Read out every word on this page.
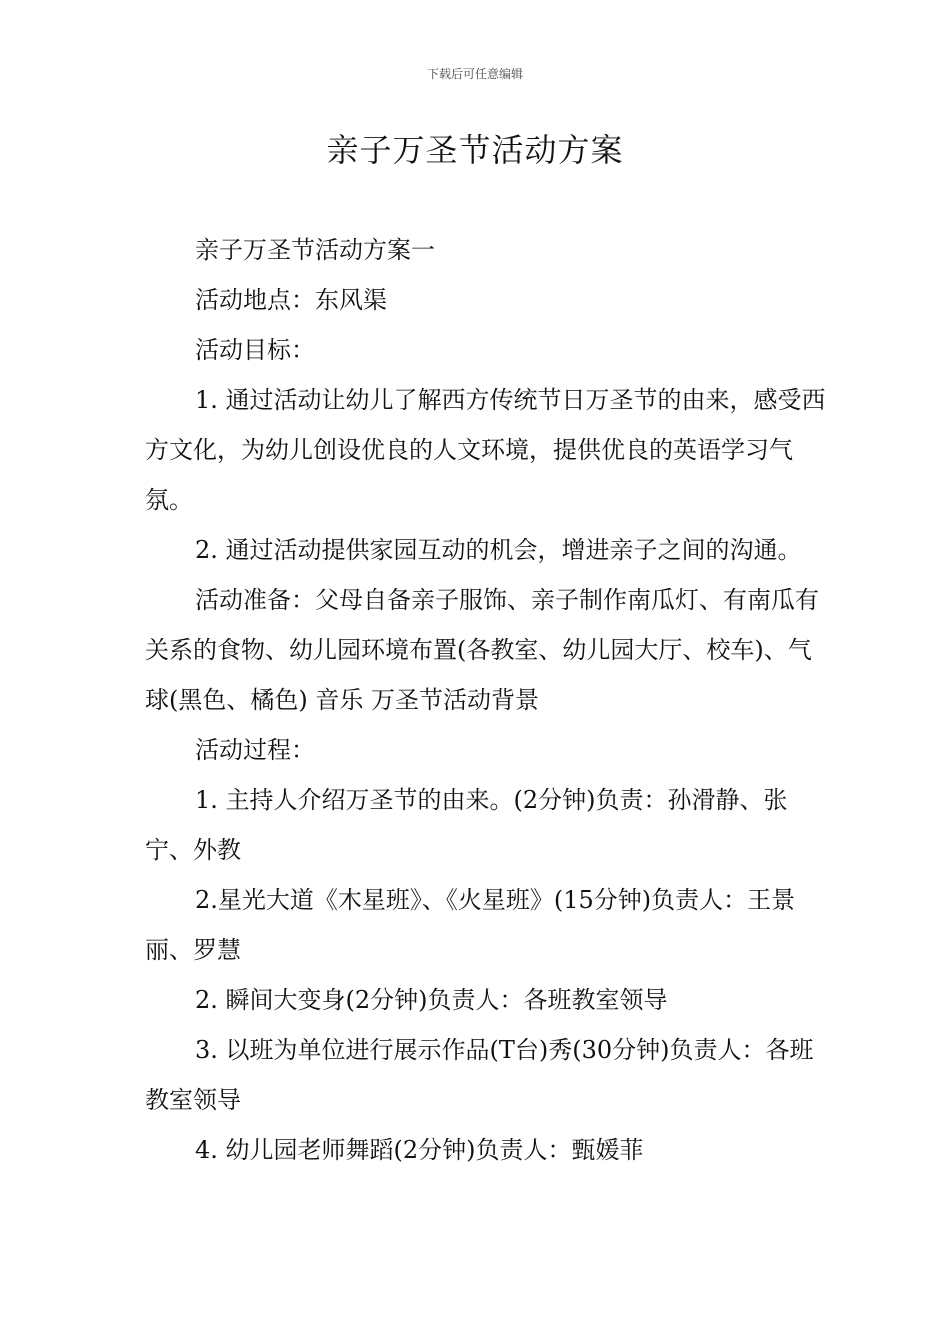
下载后可任意编辑
亲子万圣节活动方案

亲子万圣节活动方案一

活动地点：东风渠

活动目标：

1. 通过活动让幼儿了解西方传统节日万圣节的由来，感受西方文化，为幼儿创设优良的人文环境，提供优良的英语学习气氛。

2. 通过活动提供家园互动的机会，增进亲子之间的沟通。

活动准备：父母自备亲子服饰、亲子制作南瓜灯、有南瓜有关系的食物、幼儿园环境布置(各教室、幼儿园大厅、校车)、气球(黑色、橘色) 音乐 万圣节活动背景

活动过程：

1. 主持人介绍万圣节的由来。(2分钟)负责：孙滑静、张宁、外教

2.星光大道《木星班》、《火星班》(15分钟)负责人：王景丽、罗慧

2. 瞬间大变身(2分钟)负责人：各班教室领导

3. 以班为单位进行展示作品(T台)秀(30分钟)负责人：各班教室领导

4. 幼儿园老师舞蹈(2分钟)负责人：甄媛菲
